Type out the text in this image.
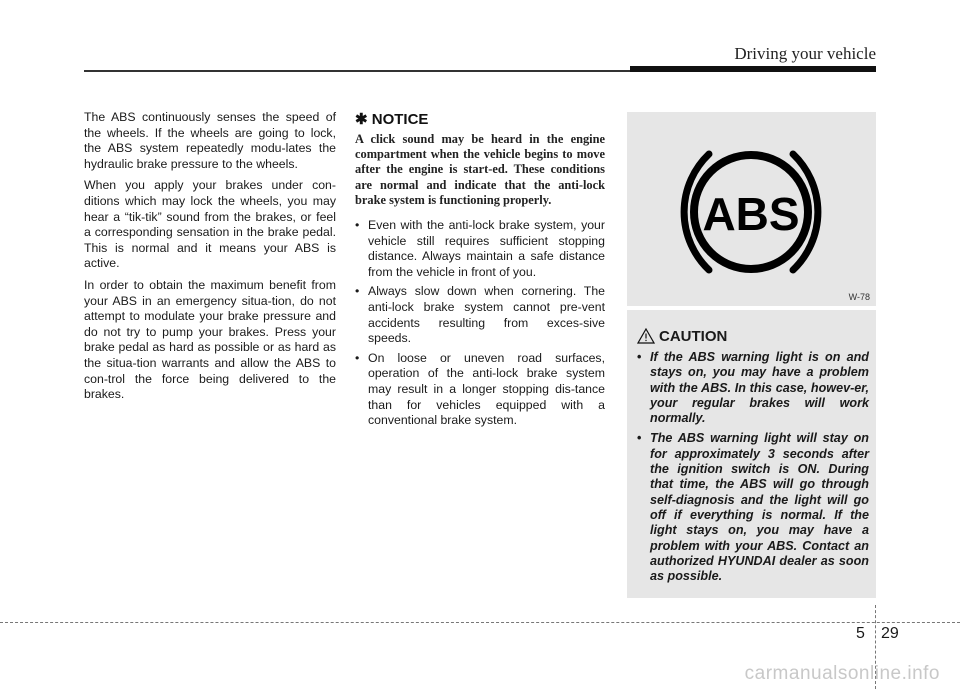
Driving your vehicle

The ABS continuously senses the speed of the wheels. If the wheels are going to lock, the ABS system repeatedly modu-lates the hydraulic brake pressure to the wheels.

When you apply your brakes under con-ditions which may lock the wheels, you may hear a “tik-tik” sound from the brakes, or feel a corresponding sensation in the brake pedal. This is normal and it means your ABS is active.

In order to obtain the maximum benefit from your ABS in an emergency situa-tion, do not attempt to modulate your brake pressure and do not try to pump your brakes. Press your brake pedal as hard as possible or as hard as the situa-tion warrants and allow the ABS to con-trol the force being delivered to the brakes.

✱ NOTICE

A click sound may be heard in the engine compartment when the vehicle begins to move after the engine is start-ed. These conditions are normal and indicate that the anti-lock brake system is functioning properly.

• Even with the anti-lock brake system, your vehicle still requires sufficient stopping distance. Always maintain a safe distance from the vehicle in front of you.
• Always slow down when cornering. The anti-lock brake system cannot pre-vent accidents resulting from exces-sive speeds.
• On loose or uneven road surfaces, operation of the anti-lock brake system may result in a longer stopping dis-tance than for vehicles equipped with a conventional brake system.
ABS
W-78
CAUTION
• If the ABS warning light is on and stays on, you may have a problem with the ABS. In this case, howev-er, your regular brakes will work normally.
• The ABS warning light will stay on for approximately 3 seconds after the ignition switch is ON. During that time, the ABS will go through self-diagnosis and the light will go off if everything is normal. If the light stays on, you may have a problem with your ABS. Contact an authorized HYUNDAI dealer as soon as possible.
5 29
carmanualsonline.info
